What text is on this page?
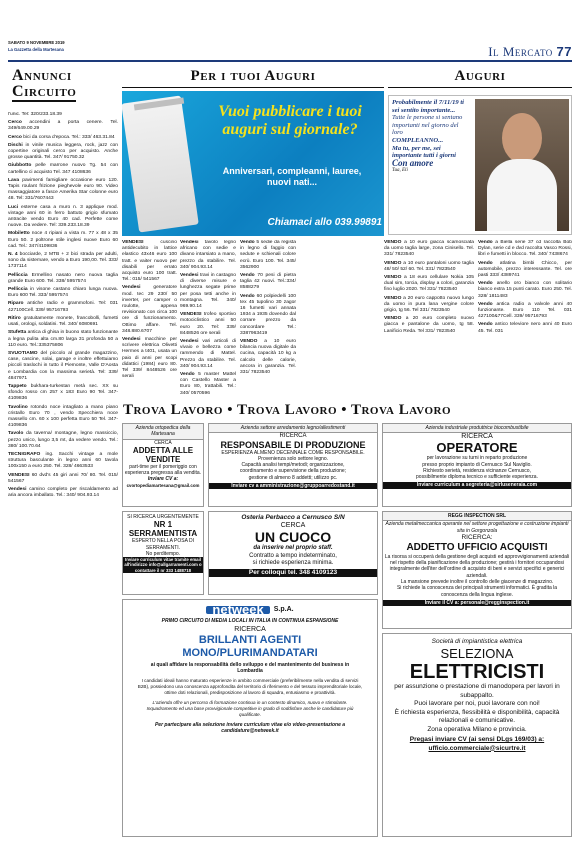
SABATO 9 NOVEMBRE 2019
La Gazzetta della Martesana	Il Mercato 77
Annunci
Circuito

l'unic. Tel: 320/233.18.39

Cerco accendini a porta cenere. Tel. 349/649.00.29

Cerco bici da corsa d'epoca. Tel.: 333/ 463.31.84

Dischi in vinile musica leggera, rock, jazz con copertine originali cerco per acquisto. Anche grosse quantità. Tel. 347/ 91750.32

Giubbotto pelle marrone nuovo Tg. 54 con cartellino ci acquisto Tel. 347 4108636

Lava pavimenti famigliare occasione euro 120. Tapis roulant frizione pieghevole euro 90. Video massaggiatore a fasce Amerika Star colonne euro 48. Tel: 331/7607443

Luci esterne casa a muro n. 3 applique mod. vintage anni 60 in ferro battuto grigio sfumato antracite vendo Euro 40 cad. Perfette come nuove. Da vedere. Tel: 339.233.18.39

Mobiletto noce 4 ripiani a vista m. 77 x 48 x 35 Euro 50. 2 poltrone stile inglesi nuove Euro 60 cad. Tel.: 347/4109836

N. 4 bocciarde, 2 MTB + 2 bici strada per adulti, sono da sistemare, vendo a Euro 190,00. Tel. 333/ 1737114

Pelliccia Ermellino nasato nero nuova taglia grande Euro 600. Tel. 338/ 5957574

Pelliccia in visone castano chiaro lunga nuova. Euro 600 Tel. 333/ 5957574

Riparo antiche radio e grammofoni. Tel: 031 427100Cell. 339/ 95716793

Ritiro gratuitamente monete, francobolli, fumetti usati, orologi, soldatini. Tel. 340/ 6080691

Stufetta antica di ghisa in buono stato funzionante a legna pulita alta cm.80 larga 31 profonda 50 a 110 euro. Tel.:335375806

SVUOTIAMO del piccolo al grande magazzino, case, cascine, solai, garage e inoltre effettuiamo piccoli traslochi in tutto il Piemonte, Valle D'Aosta e Lombardia con la massima serietà. Tel: 339/ 4847971

Tappeto bukhara-turkestan metà sec. XX su sfondo rosso cm 257 x 183 Euro 90 Tel. 347-4109836

Tavolino rotondo noce intagliato a mano piano cristallo Euro 70 , vendo Specchiera noce massello cm. 60 x 100 perfetta Euro 50 Tel. 347-4109836

Tavolo da taverna/ montagne, legno massiccio, pezzo unico, lungo 3,5 mt, da vedere vendo. Tel.: 380/ 100.70.64

TECNIGRAFO ing. Sacchi vintage a mole struttura basculante in legno anni 60 tavola 100x150 a euro 250. Tel. 328/ 4663533

VENDESI 60 dvd's 45 giri anni 70/ 80. Tel. 015/ 541567

Vendesi camino completo per riscaldamento ad aria ancora imballato. Tel.: 340/ 904.93.14

Per i tuoi Auguri
Vuoi pubblicare i tuoi auguri sul giornale?
Anniversari, compleanni, lauree, nuovi nati...
Chiamaci allo 039.99891
Auguri
Probabilmente il 7/11/19 ti sei sentito importante...
Tutte le persone si sentano importanti nel giorno del loro
COMPLEANNO...
Ma tu, per me, sei importante tutti i giorni
Con amore
Tua, Eli

VENDESI cuscino antidecubito in lattice elastico 43x46 euro 100 tratt. e vaiter nuovo per disabili per errato acquisto euro 100 tratt. Tel.: 015/ 541567

Vendesi generatore mod. tec 29 230/ 50 inverter, per camper o roulotte, appena revisionato con circa 100 ore di funzionamento. Ottimo affare. Tel. 348.880.6707

Vendesi macchine per scrivere elettrica Olivetti Hermes a t401, usata un paio di anni per scopi didattici (1984) euro 80. Tel 339/ 8448526 ore serali

Vendesi tavolo legno africano con sedie e divano intarsiato a mano, prezzo da stabilire. Tel. 340/ 904.93.14

Vendesi travi in castagno di diverse misure e lunghezza segate prime per posa tetti anche in montagna. Tel. 340/ 969.90.14

VENDESI trofeo sportivo motociclistico anni 50 euro 20. Tel: 339/ 8448526 ore serali

Vendesi vari articoli di vivaio e bellezza come rammendo di Mattel. Prezzo da stabilire. Tel. 340/ 904.93.14

Vendo 5 master Mattel con Castello Master a Euro 80, trattabili. Tel.: 340/ 0570596

Vendo 5 sedie da regista in legno di faggio con sedute e schienali colore ecrù. Euro 100. Tel. 345/ 3562900

Vendo 70 pesi di pietra taglia 42 nuovi. Tel.:334/ 8588279

Vendo 60 polpiedelli 100 tex 45 tupolino 30 zagor 16 fumetti vari annata 1934 a 1935 dovendo dal corrare prezzo da concordare Tel.: 3387963419

VENDO a 10 euro bilancia nuova digitale da cucina, capacità 10 kg a calcolo delle calorie, ancora in garanzia. Tel. 331/ 7823540

VENDO a 10 euro giacca scamosciata da uomo taglia large, zona Cinisello. Tel. 331/ 7823540

VENDO a 10 euro pantaloni uomo taglia 48/ 50/ 52/ 60. Tel. 331/ 7823540

VENDO a 18 euro cellulare Nokia 105 dual sim, torcia, display a colori, garanzia fino luglio 2020. Tel 331/ 7823540

VENDO a 20 euro cappotto nuovo lungo da uomo in pura lana vergine colore grigio, tg 56. Tel 331/ 7823540

VENDO a 20 euro completo nuovo giacca e pantalone da uomo, tg 58. Lanificio Reda. Tel 331/ 7823540

Vendo a Biella serie 37 cd raccolta Bob Dylan, serie cd e dvd raccolta Vasco Rossi, libri e fumetti in blocco. Tel. 340/ 7438674

Vendo atlatina bimbi Chicco, per automobile, prezzo interessante. Tel. ore pasti 333/ 4389741

Vendo anello oro bianco con solitario bianco extra 15 punti carato. Euro 250. Tel. 328/ 1811483

Vendo antica radio a valvole anni 40 funzionante. Euro 110 Tel. 031 427100&77Cell. 339/ 95716793

Vendo antico televiore nero anni 40 Euro 45. Tel. 031

Trova Lavoro • Trova Lavoro • Trova Lavoro
Azienda ortopedica della Martesana
CERCA
ADDETTA ALLE VENDITE
part-time per il pomeriggio con esperienza pregressa alla vendita.
Inviare CV a:
cvortopediamartesana@gmail.com
Azienda settore arredamento legno/allestimenti
RICERCA
RESPONSABILE DI PRODUZIONE
ESPERIENZA ALMENO DECENNALE COME RESPONSABILE.
Provenienza solo settore legno.
Capacità analisi tempi/metodi; organizzazione,
coordinamento e supervisione della produzione;
gestione di almeno 8 addetti; utilizzo pc.
Inviare cv a amministrazione@gruppoarredostand.it
Azienda industriale produttrice biocombustibile
RICERCA
OPERATORE
per lavorazione su turni in reparto produzione
presso proprio impianto di Cernusco Sul Naviglio.
Richiesto serietà, residenza vicinanze Cernusco,
possibilmente diploma tecnico e sufficiente esperienza.
Inviare curriculum a segreteria@sirluseneraia.com
SI RICERCA URGENTEMENTE
NR 1 SERRAMENTISTA
ESPERTO NELLA POSA DI SERRAMENTI.
No perditempo.
Inviare curriculum vitae tramite email all'indirizzo info@allgarramenti.com o contattare il nr 333 1488718
Osteria Perbacco a Cernusco S/N
CERCA
UN CUOCO
da inserire nel proprio staff.
Contratto a tempo indeterminato,
si richiede esperienza minima.
Per colloqui tel. 348 4109123
REGG INSPECTION SRL
Azienda metalmeccanica operante nel settore progettazione e costruzione impianti sita in Gorgonzola
RICERCA:
ADDETTO UFFICIO ACQUISTI
La risorsa si occuperà della gestione degli acquisti ed approvvigionamenti aziendali nel rispetto della pianificazione della produzione; gestirà i fornitori occupandosi integralmente dell'iter dell'ordine di acquisto di beni e servizi specifici e generici aziendali.
La mansione prevede inoltre il controllo delle giacenze di magazzino.
Si richiede la conoscenza dei principali strumenti informatici. È gradita la conoscenza della lingua inglese.
Inviare il CV a: personale@regginspection.it
netweek	S.p.A.
PRIMO CIRCUITO DI MEDIA LOCALI IN ITALIA IN CONTINUA ESPANSIONE
RICERCA
BRILLANTI AGENTI
MONO/PLURIMANDATARI
ai quali affidare la responsabilità dello sviluppo e del mantenimento del business in Lombardia
I candidati ideali hanno maturato esperienze in ambito commerciale (preferibilmente nella vendita di servizi B2B), possiedono una conoscenza approfondita del territorio di riferimento e del tessuto imprenditoriale locale, ottime doti relazionali, predisposizione al lavoro di squadra, entusiasmo e proattività.
L'azienda offre un percorso di formazione continua in un contesto dinamico, nuovo e stimolante. Inquadramento ed una base provvigionale competitive in grado di soddisfare anche le candidature più qualificate.
Per partecipare alla selezione inviare curriculum vitae e/o video-presentazione a candidature@netweek.it
Società di impiantistica elettrica
SELEZIONA
ELETTRICISTI
per assunzione o prestazione di manodopera per lavori in subappalto.
Puoi lavorare per noi, puoi lavorare con noi!
È richiesta esperienza, flessibilità e disponibilità, capacità relazionali e comunicative.
Zona operativa Milano e provincia.
Pregasi inviare CV (ai sensi DLgs 169/03) a: ufficio.commerciale@sicurtre.it
